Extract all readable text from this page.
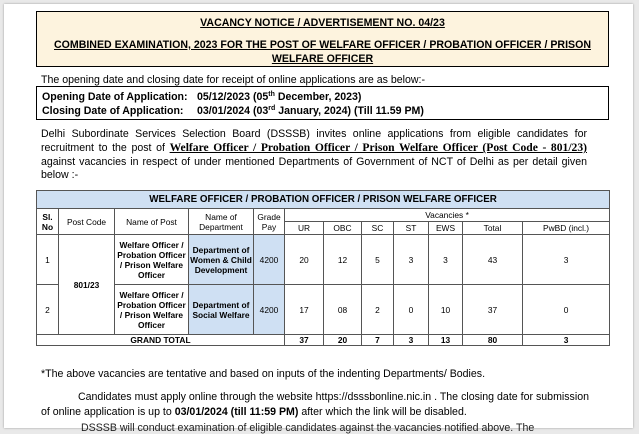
VACANCY NOTICE / ADVERTISEMENT NO. 04/23
COMBINED EXAMINATION, 2023 FOR THE POST OF WELFARE OFFICER / PROBATION OFFICER / PRISON WELFARE OFFICER
The opening date and closing date for receipt of online applications are as below:-
Opening Date of Application: 05/12/2023 (05th December, 2023)
Closing Date of Application: 03/01/2024 (03rd January, 2024) (Till 11.59 PM)
Delhi Subordinate Services Selection Board (DSSSB) invites online applications from eligible candidates for recruitment to the post of Welfare Officer / Probation Officer / Prison Welfare Officer (Post Code - 801/23) against vacancies in respect of under mentioned Departments of Government of NCT of Delhi as per detail given below :-
WELFARE OFFICER / PROBATION OFFICER / PRISON WELFARE OFFICER											
Sl. No	Post Code	Name of Post	Name of Department	Grade Pay	Vacancies *						
					UR	OBC	SC	ST	EWS	Total	PwBD (incl.)
1	801/23	Welfare Officer / Probation Officer / Prison Welfare Officer	Department of Women & Child Development	4200	20	12	5	3	3	43	3
2		Welfare Officer / Probation Officer / Prison Welfare Officer	Department of Social Welfare	4200	17	08	2	0	10	37	0
GRAND TOTAL					37	20	7	3	13	80	3
*The above vacancies are tentative and based on inputs of the indenting Departments/ Bodies.
Candidates must apply online through the website https://dsssbonline.nic.in . The closing date for submission of online application is up to 03/01/2024 (till 11:59 PM) after which the link will be disabled.
DSSSB will conduct examination of eligible candidates against the vacancies notified above. The
